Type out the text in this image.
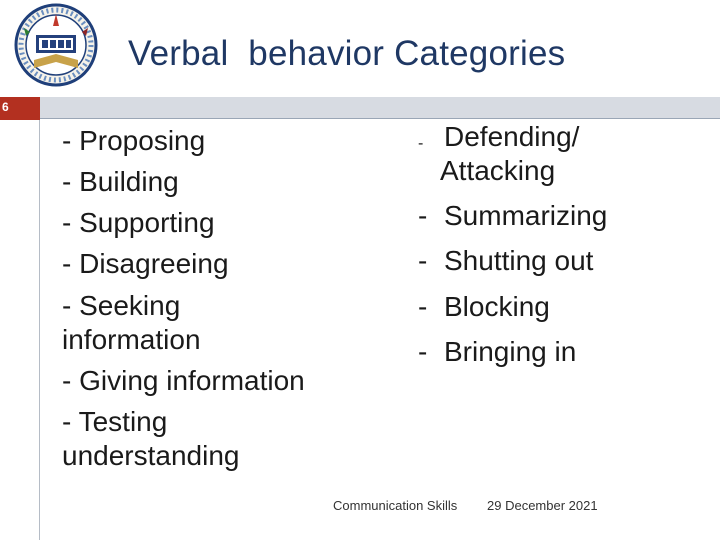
Verbal  behavior Categories
6
- Proposing
- Building
- Supporting
- Disagreeing
- Seeking information
- Giving information
- Testing understanding
- Defending/
Attacking
- Summarizing
- Shutting out
- Blocking
- Bringing in
Communication Skills 29 December 2021
